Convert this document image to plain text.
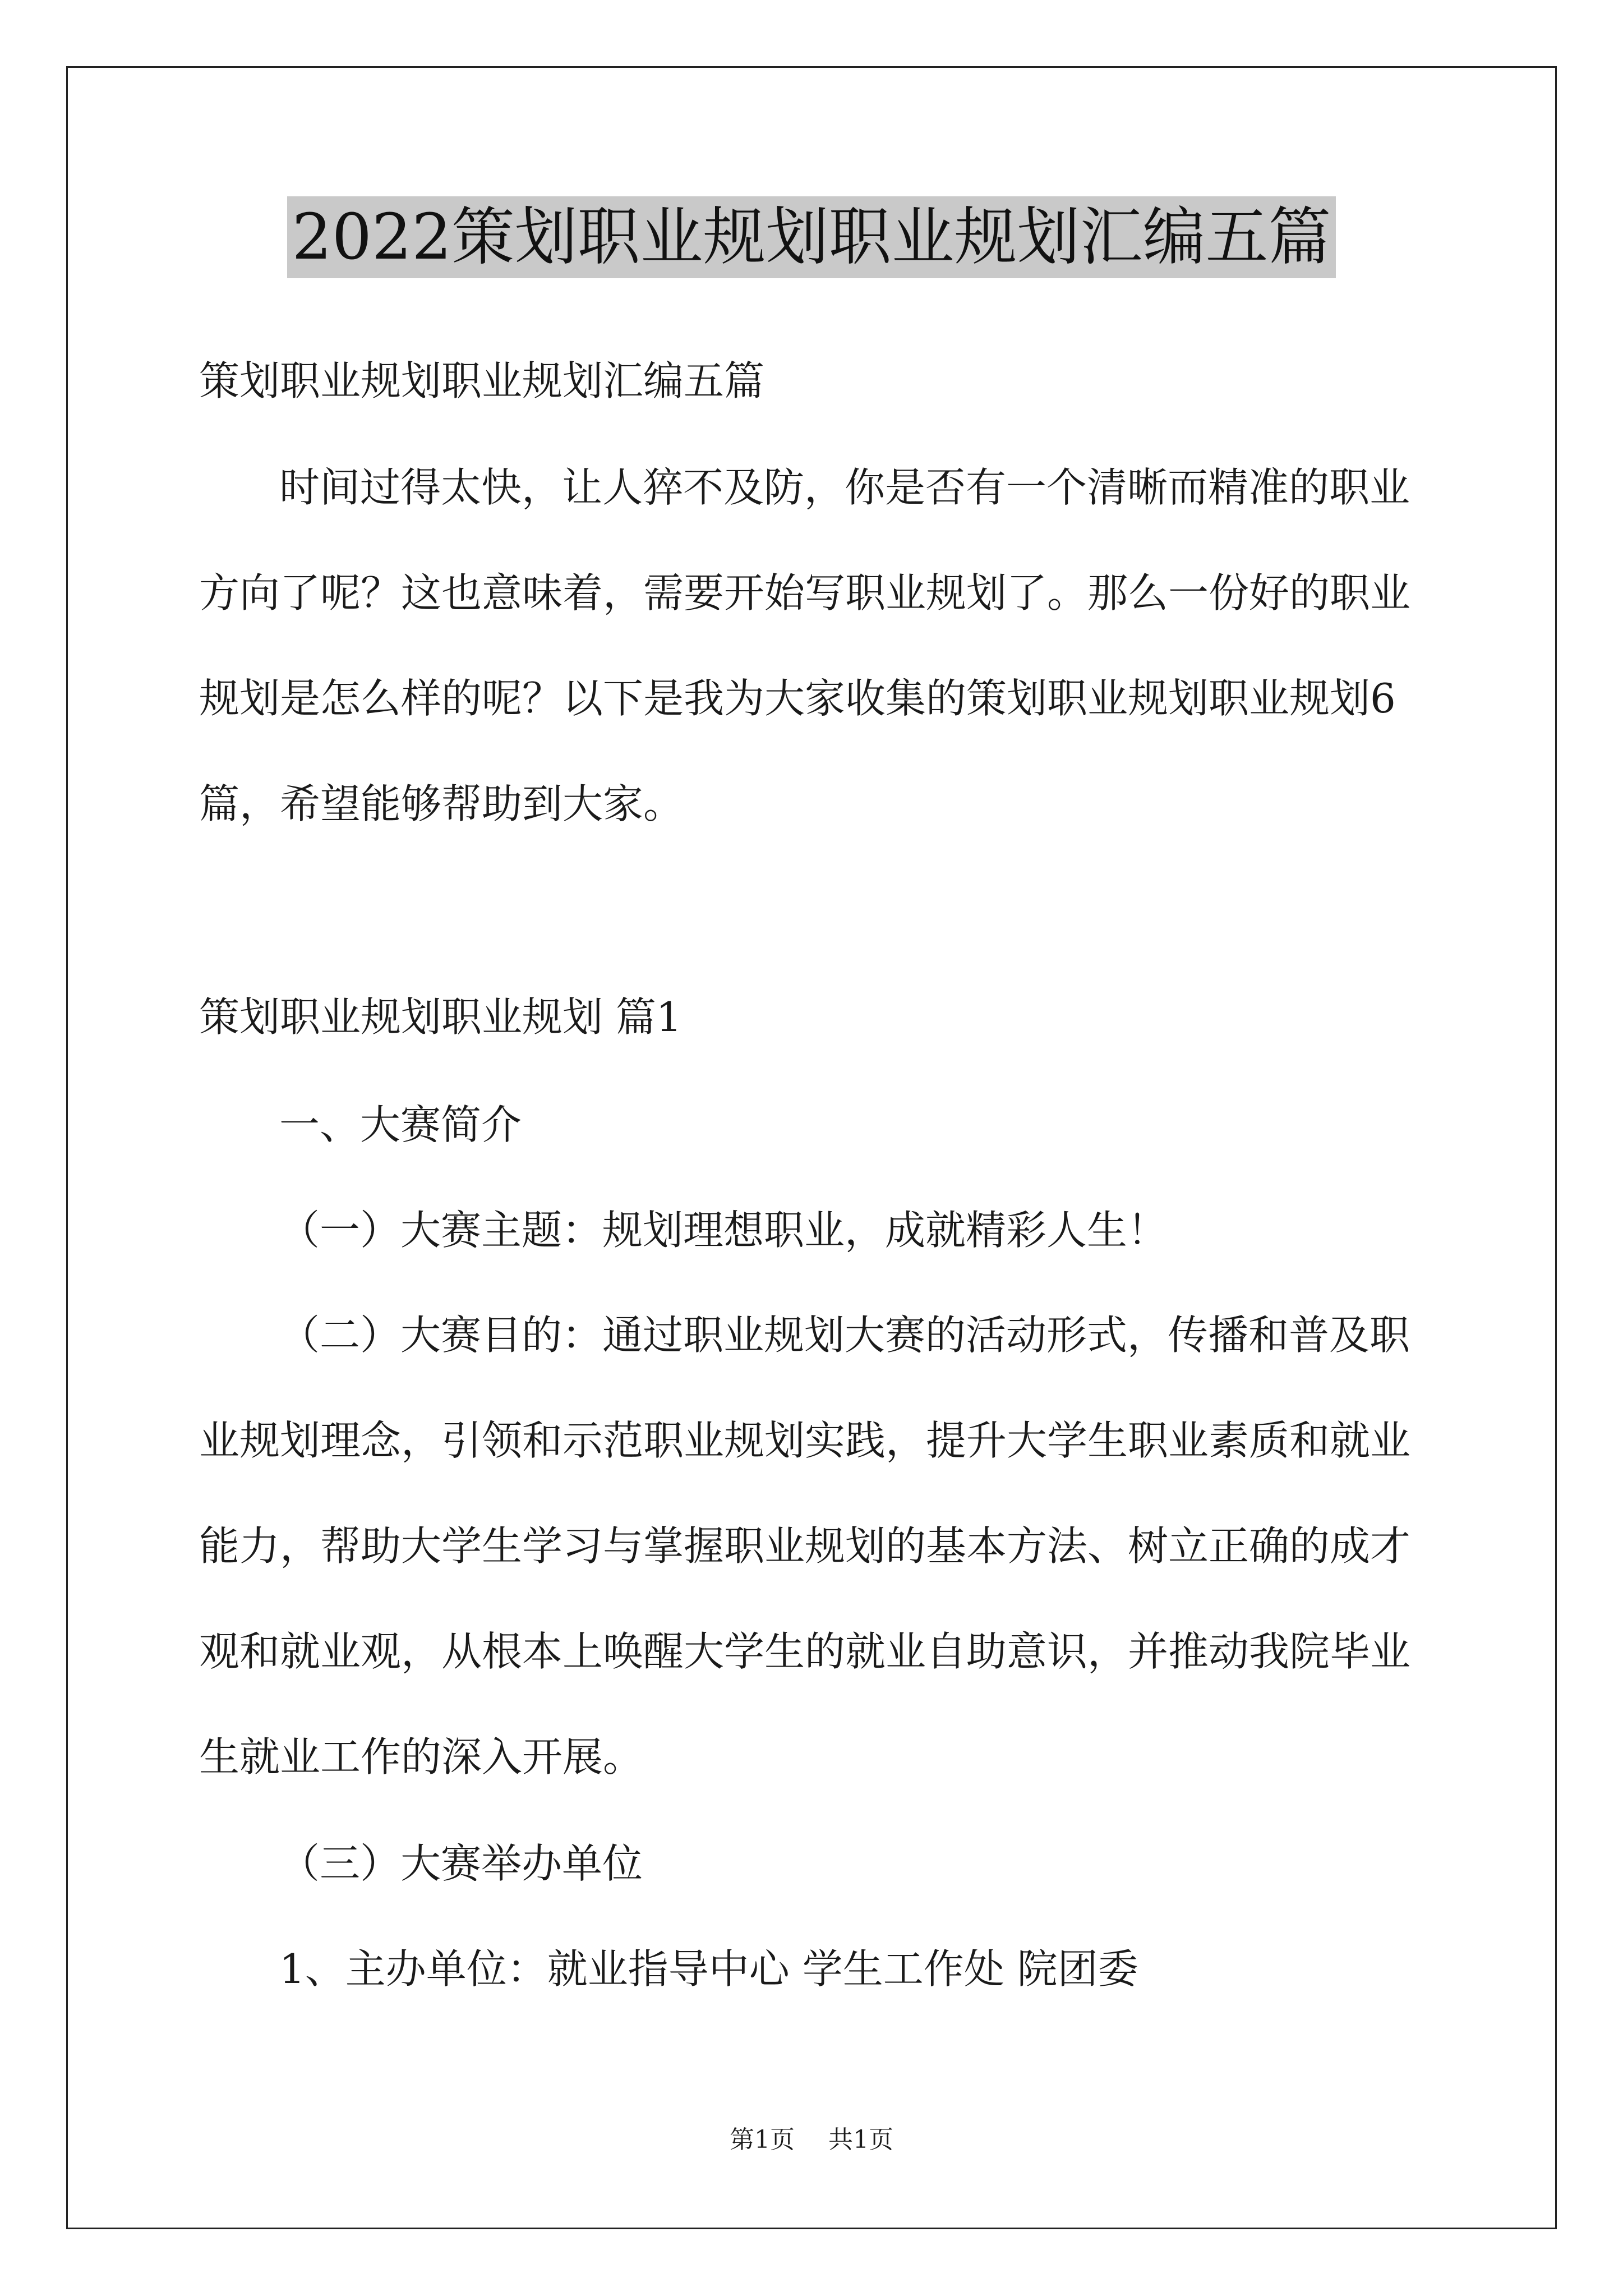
2022策划职业规划职业规划汇编五篇
策划职业规划职业规划汇编五篇
时间过得太快，让人猝不及防，你是否有一个清晰而精准的职业
方向了呢？这也意味着，需要开始写职业规划了。那么一份好的职业
规划是怎么样的呢？以下是我为大家收集的策划职业规划职业规划6
篇，希望能够帮助到大家。
策划职业规划职业规划 篇1
一、大赛简介
（一）大赛主题：规划理想职业，成就精彩人生！
（二）大赛目的：通过职业规划大赛的活动形式，传播和普及职
业规划理念，引领和示范职业规划实践，提升大学生职业素质和就业
能力，帮助大学生学习与掌握职业规划的基本方法、树立正确的成才
观和就业观，从根本上唤醒大学生的就业自助意识，并推动我院毕业
生就业工作的深入开展。
（三）大赛举办单位
1、主办单位：就业指导中心 学生工作处 院团委
第1页 共1页
